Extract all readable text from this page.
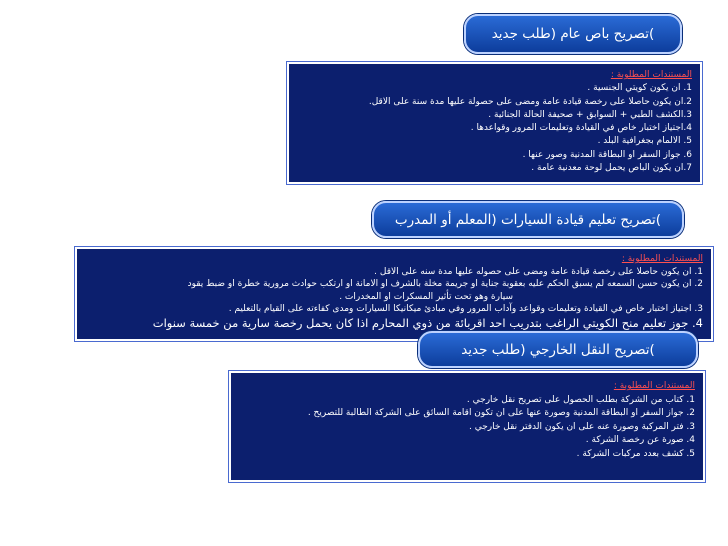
)تصريح باص عام (طلب جديد
المستندات المطلوبة :
1. ان يكون كويتي الجنسية .
2.ان يكون حاصلا على رخصة قيادة عامة ومضى على حصولة عليها مدة سنة على الاقل.
3.الكشف الطبي + السوابق + صحيفة الحالة الجنائية .
4.اجتياز اختبار خاص في القيادة وتعليمات المرور وقواعدها .
5. الالمام بجغرافية البلد .
6. جواز السفر او البطاقة المدنية وصور عنها .
7.ان يكون الباص يحمل لوحة معدنية عامة .
)تصريح تعليم قيادة السيارات (المعلم أو المدرب
المستندات المطلوبة :
1. ان يكون حاصلا على رخصة قيادة عامة ومضى على حصوله عليها مدة سنه على الاقل .
2. ان يكون حسن السمعه لم يسبق الحكم عليه بعقوبة جناية او جريمة مخلة بالشرف او الامانة او ارتكب حوادث مرورية خطرة او ضبط يقود
سيارة وهو تحت تأثير المسكرات او المخدرات .
3. اجتياز اختبار خاص في القيادة وتعليمات وقواعد وآداب المرور وفي مبادئ ميكانيكا السيارات ومدى كفاءته على القيام بالتعليم .
4. جوز تعليم منح الكويتي الراغب بتدريب احد اقربائة من ذوي المحارم اذا كان يحمل رخصة سارية من خمسة سنوات
)تصريح النقل الخارجي (طلب جديد
المستندات المطلوبة :
1. كتاب من الشركة بطلب الحصول على تصريح نقل خارجي .
2. جواز السفر او البطاقة المدنية وصورة عنها على ان تكون اقامة السائق على الشركة الطالبة للتصريح .
3. فتر المركبة وصورة عنه على ان يكون الدفتر نقل خارجي .
4. صورة عن رخصة الشركة .
5. كشف بعدد مركبات الشركة .
